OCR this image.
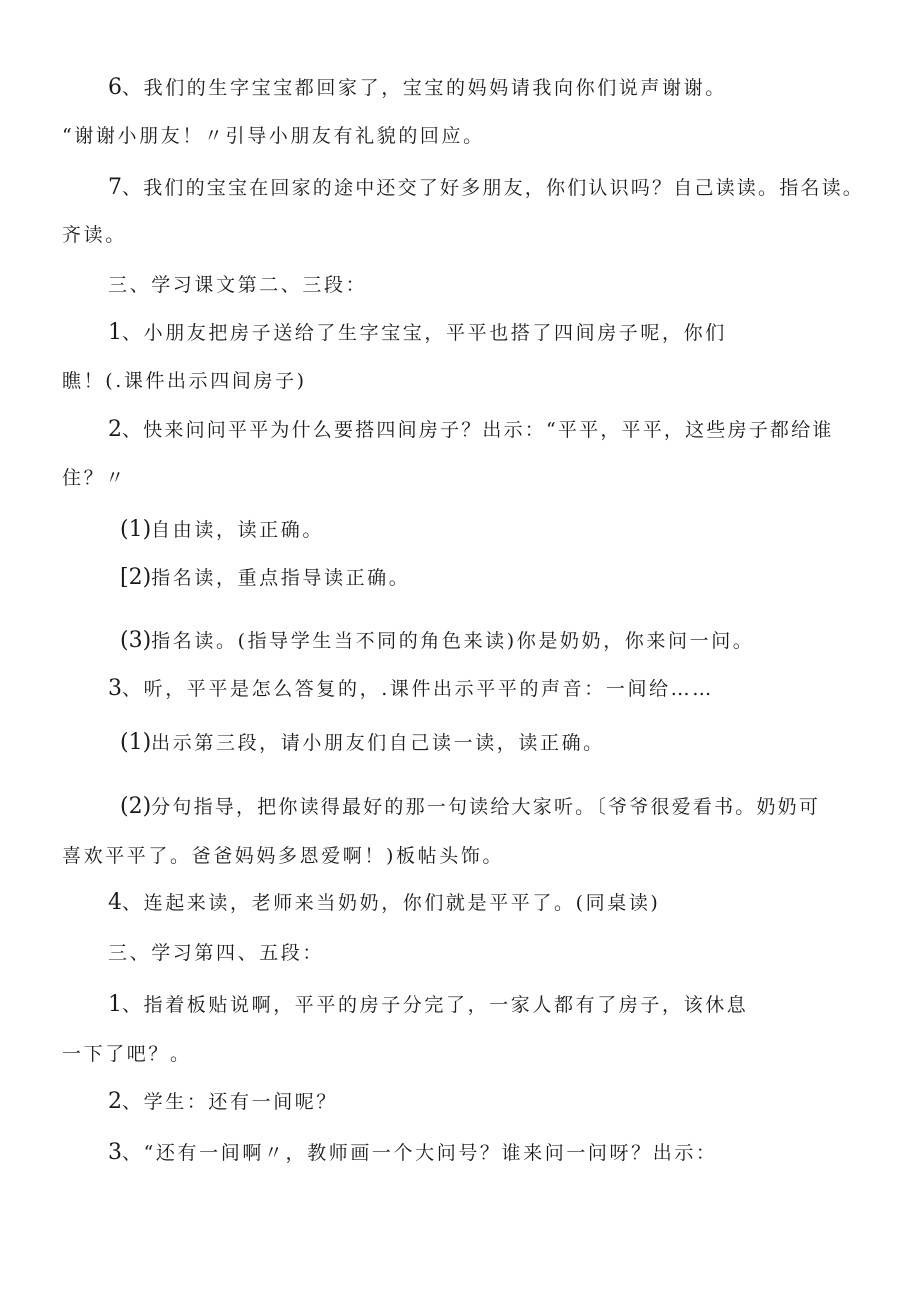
6、我们的生字宝宝都回家了，宝宝的妈妈请我向你们说声谢谢。
“谢谢小朋友！〃引导小朋友有礼貌的回应。
7、我们的宝宝在回家的途中还交了好多朋友，你们认识吗？自己读读。指名读。
齐读。
三、学习课文第二、三段：
1、小朋友把房子送给了生字宝宝，平平也搭了四间房子呢，你们
瞧！(.课件出示四间房子)
2、快来问问平平为什么要搭四间房子？出示：“平平，平平，这些房子都给谁
住？〃
(1)自由读，读正确。
[2)指名读，重点指导读正确。
(3)指名读。(指导学生当不同的角色来读)你是奶奶，你来问一问。
3、听，平平是怎么答复的，.课件出示平平的声音：一间给……
(1)出示第三段，请小朋友们自己读一读，读正确。
(2)分句指导，把你读得最好的那一句读给大家听。〔爷爷很爱看书。奶奶可
喜欢平平了。爸爸妈妈多恩爱啊！)板帖头饰。
4、连起来读，老师来当奶奶，你们就是平平了。(同桌读)
三、学习第四、五段：
1、指着板贴说啊，平平的房子分完了，一家人都有了房子，该休息
一下了吧？。
2、学生：还有一间呢？
3、“还有一间啊〃，教师画一个大问号？谁来问一问呀？出示：
